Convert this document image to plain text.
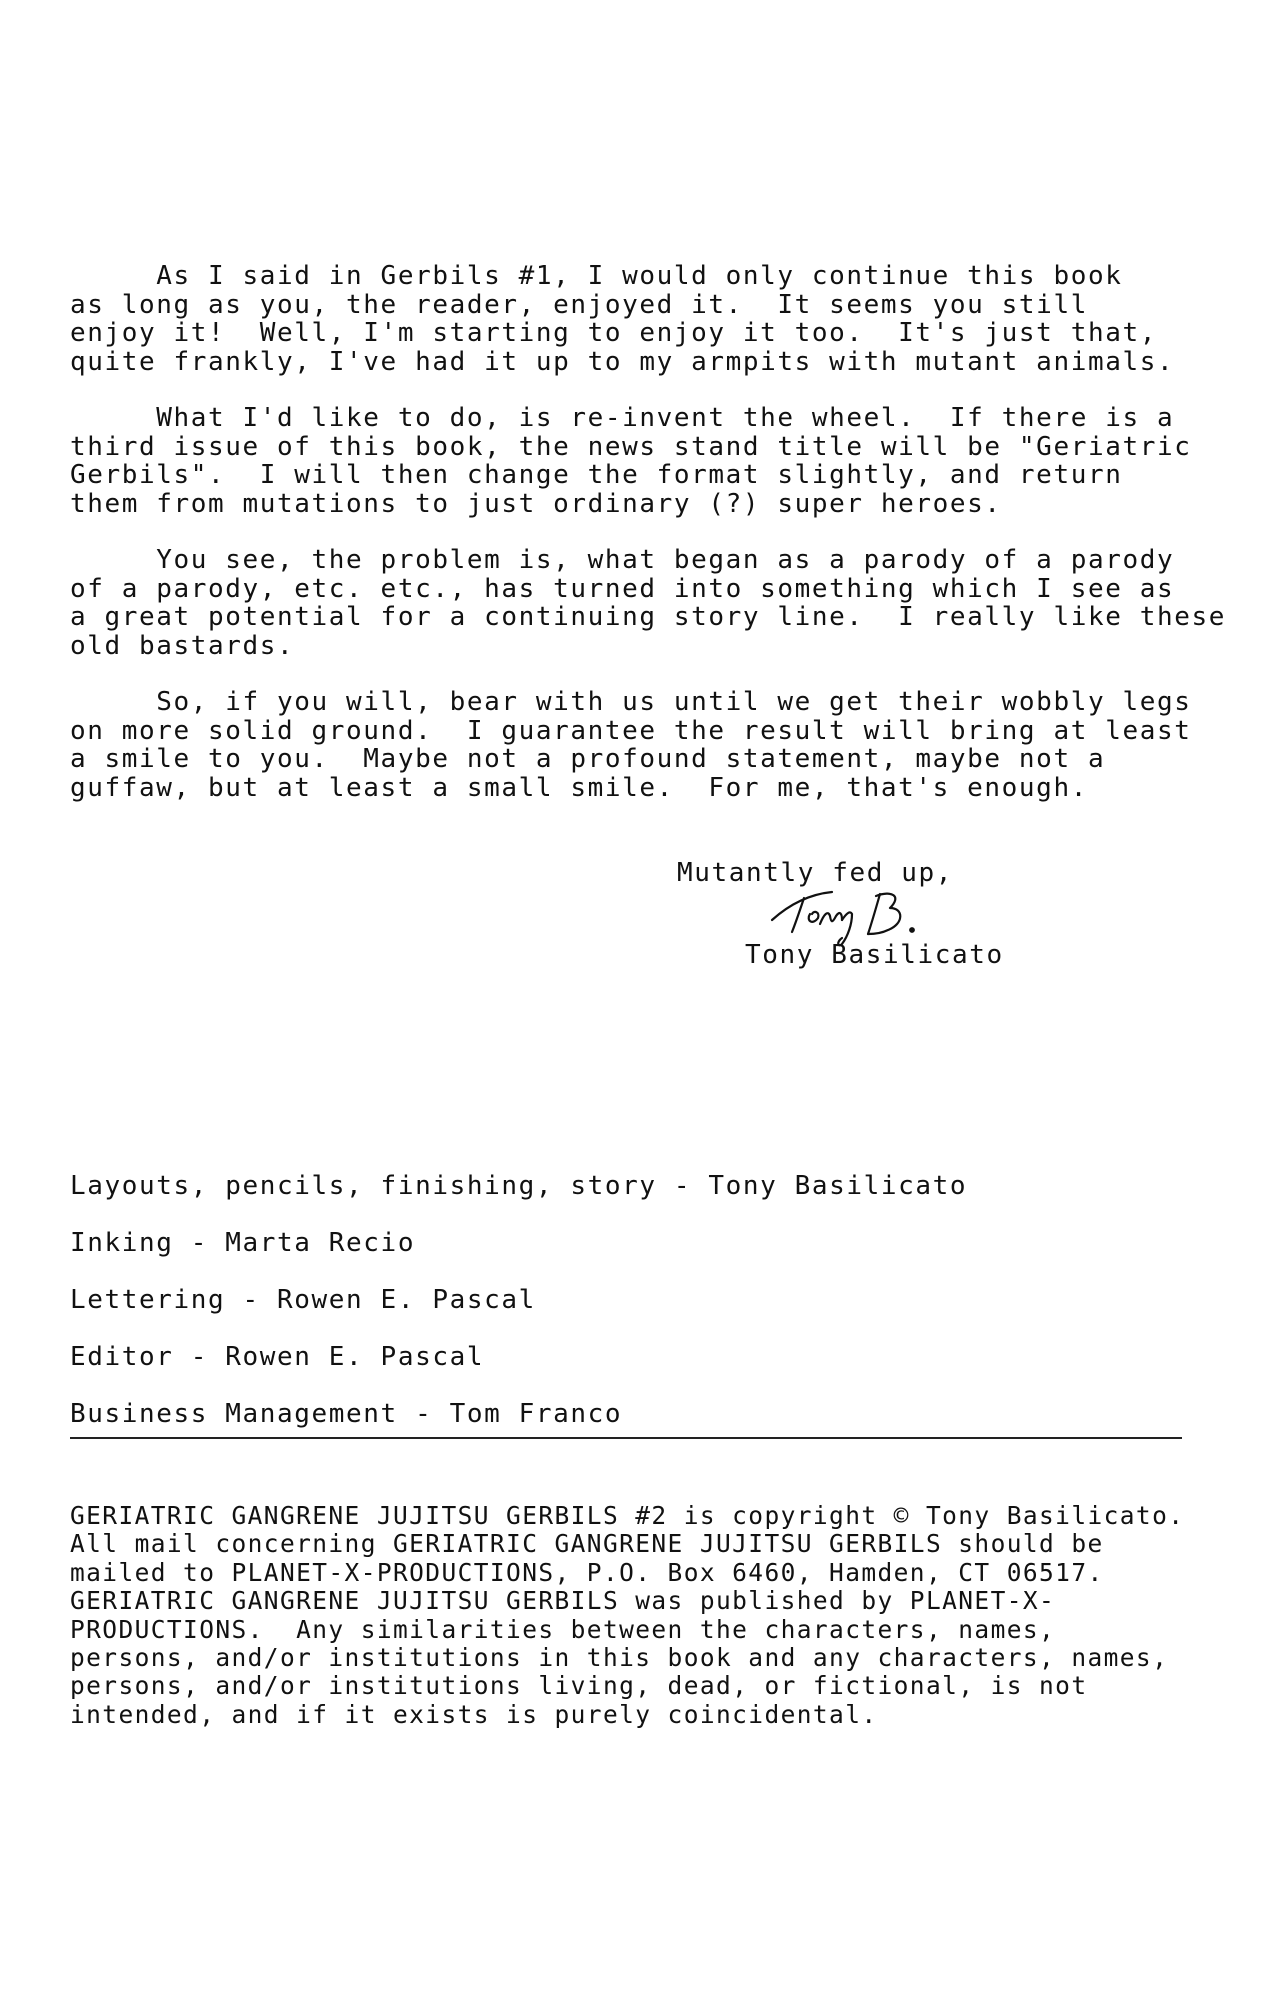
As I said in Gerbils #1, I would only continue this book
as long as you, the reader, enjoyed it.  It seems you still
enjoy it!  Well, I'm starting to enjoy it too.  It's just that,
quite frankly, I've had it up to my armpits with mutant animals.

What I'd like to do, is re-invent the wheel.  If there is a
third issue of this book, the news stand title will be "Geriatric
Gerbils".  I will then change the format slightly, and return
them from mutations to just ordinary (?) super heroes.

You see, the problem is, what began as a parody of a parody
of a parody, etc. etc., has turned into something which I see as
a great potential for a continuing story line.  I really like these
old bastards.

So, if you will, bear with us until we get their wobbly legs
on more solid ground.  I guarantee the result will bring at least
a smile to you.  Maybe not a profound statement, maybe not a
guffaw, but at least a small smile.  For me, that's enough.

Mutantly fed up,
Tony Basilicato
Layouts, pencils, finishing, story - Tony Basilicato
Inking - Marta Recio
Lettering - Rowen E. Pascal
Editor - Rowen E. Pascal
Business Management - Tom Franco

GERIATRIC GANGRENE JUJITSU GERBILS #2 is copyright © Tony Basilicato.
All mail concerning GERIATRIC GANGRENE JUJITSU GERBILS should be
mailed to PLANET-X-PRODUCTIONS, P.O. Box 6460, Hamden, CT 06517.
GERIATRIC GANGRENE JUJITSU GERBILS was published by PLANET-X-
PRODUCTIONS.  Any similarities between the characters, names,
persons, and/or institutions in this book and any characters, names,
persons, and/or institutions living, dead, or fictional, is not
intended, and if it exists is purely coincidental.
